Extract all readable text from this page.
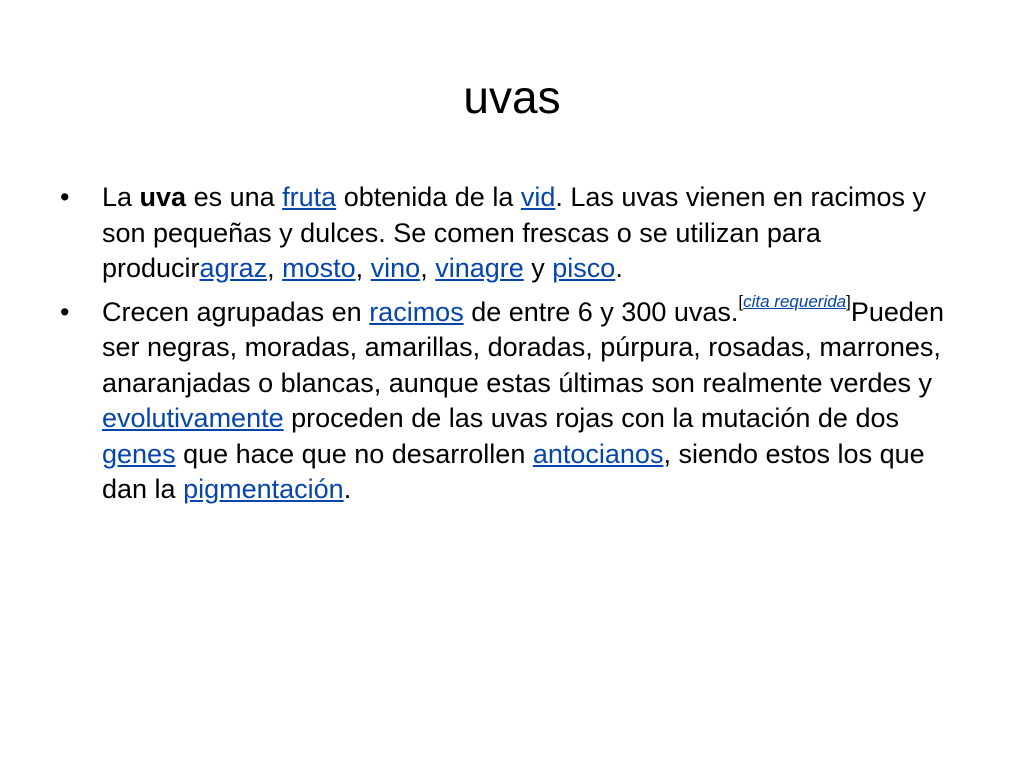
uvas
•	La uva es una fruta obtenida de la vid. Las uvas vienen en racimos y son pequeñas y dulces. Se comen frescas o se utilizan para produciragraz, mosto, vino, vinagre y pisco.
•	Crecen agrupadas en racimos de entre 6 y 300 uvas.[cita requerida]Pueden ser negras, moradas, amarillas, doradas, púrpura, rosadas, marrones, anaranjadas o blancas, aunque estas últimas son realmente verdes y evolutivamente proceden de las uvas rojas con la mutación de dos genes que hace que no desarrollen antocianos, siendo estos los que dan la pigmentación.
